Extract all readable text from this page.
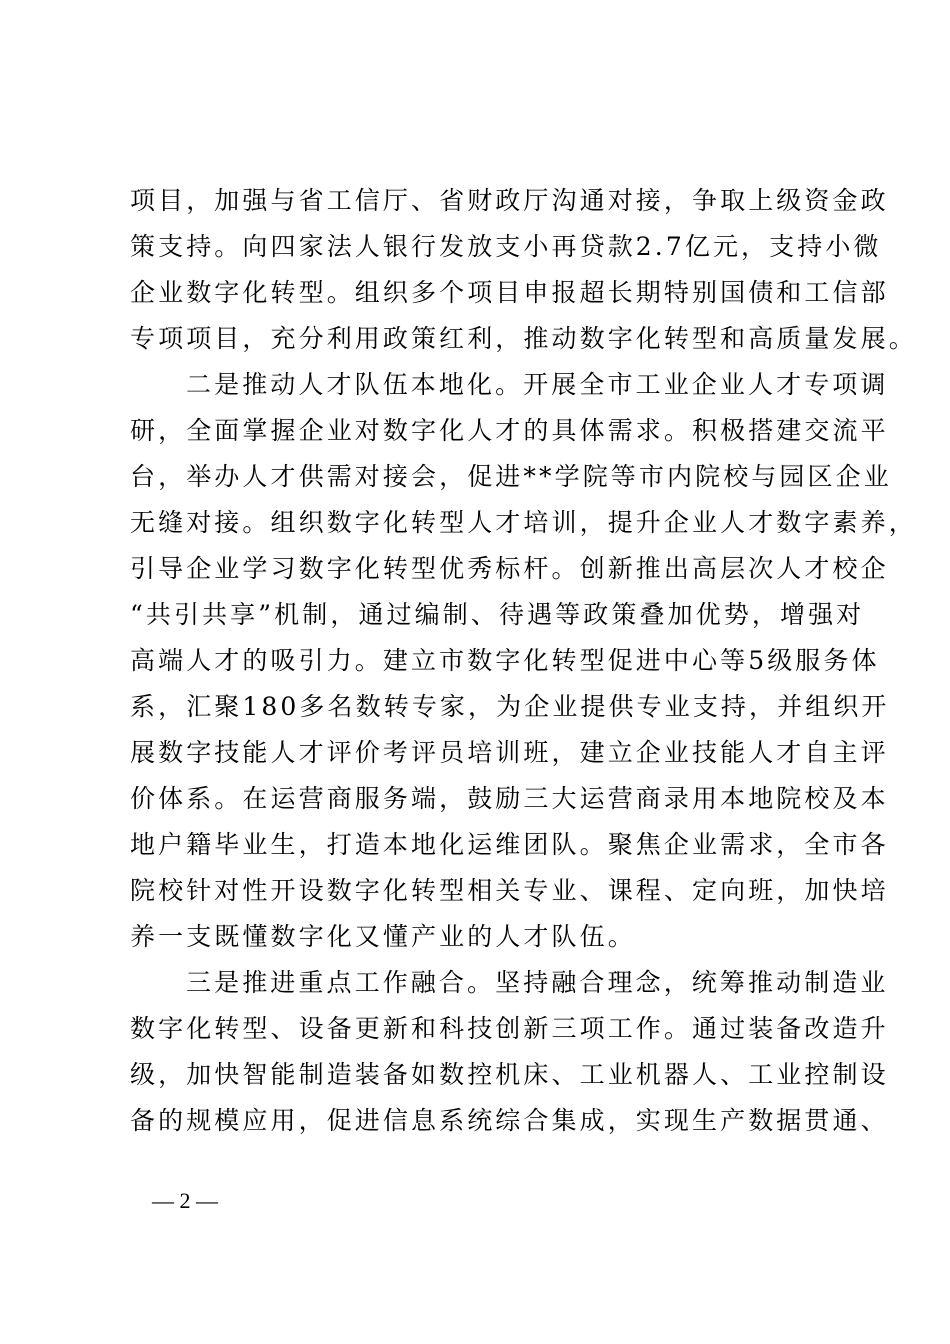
项目，加强与省工信厅、省财政厅沟通对接，争取上级资金政
策支持。向四家法人银行发放支小再贷款2.7亿元，支持小微
企业数字化转型。组织多个项目申报超长期特别国债和工信部
专项项目，充分利用政策红利，推动数字化转型和高质量发展。
二是推动人才队伍本地化。开展全市工业企业人才专项调
研，全面掌握企业对数字化人才的具体需求。积极搭建交流平
台，举办人才供需对接会，促进**学院等市内院校与园区企业
无缝对接。组织数字化转型人才培训，提升企业人才数字素养，
引导企业学习数字化转型优秀标杆。创新推出高层次人才校企
“共引共享”机制，通过编制、待遇等政策叠加优势，增强对
高端人才的吸引力。建立市数字化转型促进中心等5级服务体
系，汇聚180多名数转专家，为企业提供专业支持，并组织开
展数字技能人才评价考评员培训班，建立企业技能人才自主评
价体系。在运营商服务端，鼓励三大运营商录用本地院校及本
地户籍毕业生，打造本地化运维团队。聚焦企业需求，全市各
院校针对性开设数字化转型相关专业、课程、定向班，加快培
养一支既懂数字化又懂产业的人才队伍。
三是推进重点工作融合。坚持融合理念，统筹推动制造业
数字化转型、设备更新和科技创新三项工作。通过装备改造升
级，加快智能制造装备如数控机床、工业机器人、工业控制设
备的规模应用，促进信息系统综合集成，实现生产数据贯通、
— 2 —
